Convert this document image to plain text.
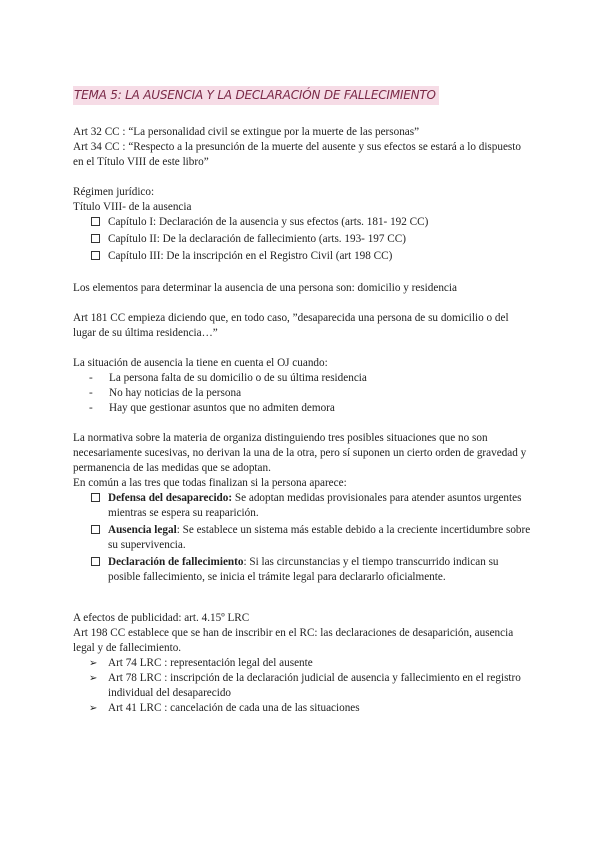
TEMA 5: LA AUSENCIA Y LA DECLARACIÓN DE FALLECIMIENTO

Art 32 CC : “La personalidad civil se extingue por la muerte de las personas”

Art 34 CC : “Respecto a la presunción de la muerte del ausente y sus efectos se estará a lo dispuesto en el Título VIII de este libro”

Régimen jurídico:

Título VIII- de la ausencia

Capítulo I: Declaración de la ausencia y sus efectos (arts. 181- 192 CC)
Capítulo II: De la declaración de fallecimiento (arts. 193- 197 CC)
Capítulo III: De la inscripción en el Registro Civil (art 198 CC)

Los elementos para determinar la ausencia de una persona son: domicilio y residencia

Art 181 CC empieza diciendo que, en todo caso, ”desaparecida una persona de su domicilio o del lugar de su última residencia…”

La situación de ausencia la tiene en cuenta el OJ cuando:

- La persona falta de su domicilio o de su última residencia
- No hay noticias de la persona
- Hay que gestionar asuntos que no admiten demora

La normativa sobre la materia de organiza distinguiendo tres posibles situaciones que no son necesariamente sucesivas, no derivan la una de la otra, pero sí suponen un cierto orden de gravedad y permanencia de las medidas que se adoptan.

En común a las tres que todas finalizan si la persona aparece:

Defensa del desaparecido: Se adoptan medidas provisionales para atender asuntos urgentes mientras se espera su reaparición.
Ausencia legal: Se establece un sistema más estable debido a la creciente incertidumbre sobre su supervivencia.
Declaración de fallecimiento: Si las circunstancias y el tiempo transcurrido indican su posible fallecimiento, se inicia el trámite legal para declararlo oficialmente.

A efectos de publicidad: art. 4.15º LRC

Art 198 CC establece que se han de inscribir en el RC: las declaraciones de desaparición, ausencia legal y de fallecimiento.

➢ Art 74 LRC : representación legal del ausente
➢ Art 78 LRC : inscripción de la declaración judicial de ausencia y fallecimiento en el registro individual del desaparecido
➢ Art 41 LRC : cancelación de cada una de las situaciones
